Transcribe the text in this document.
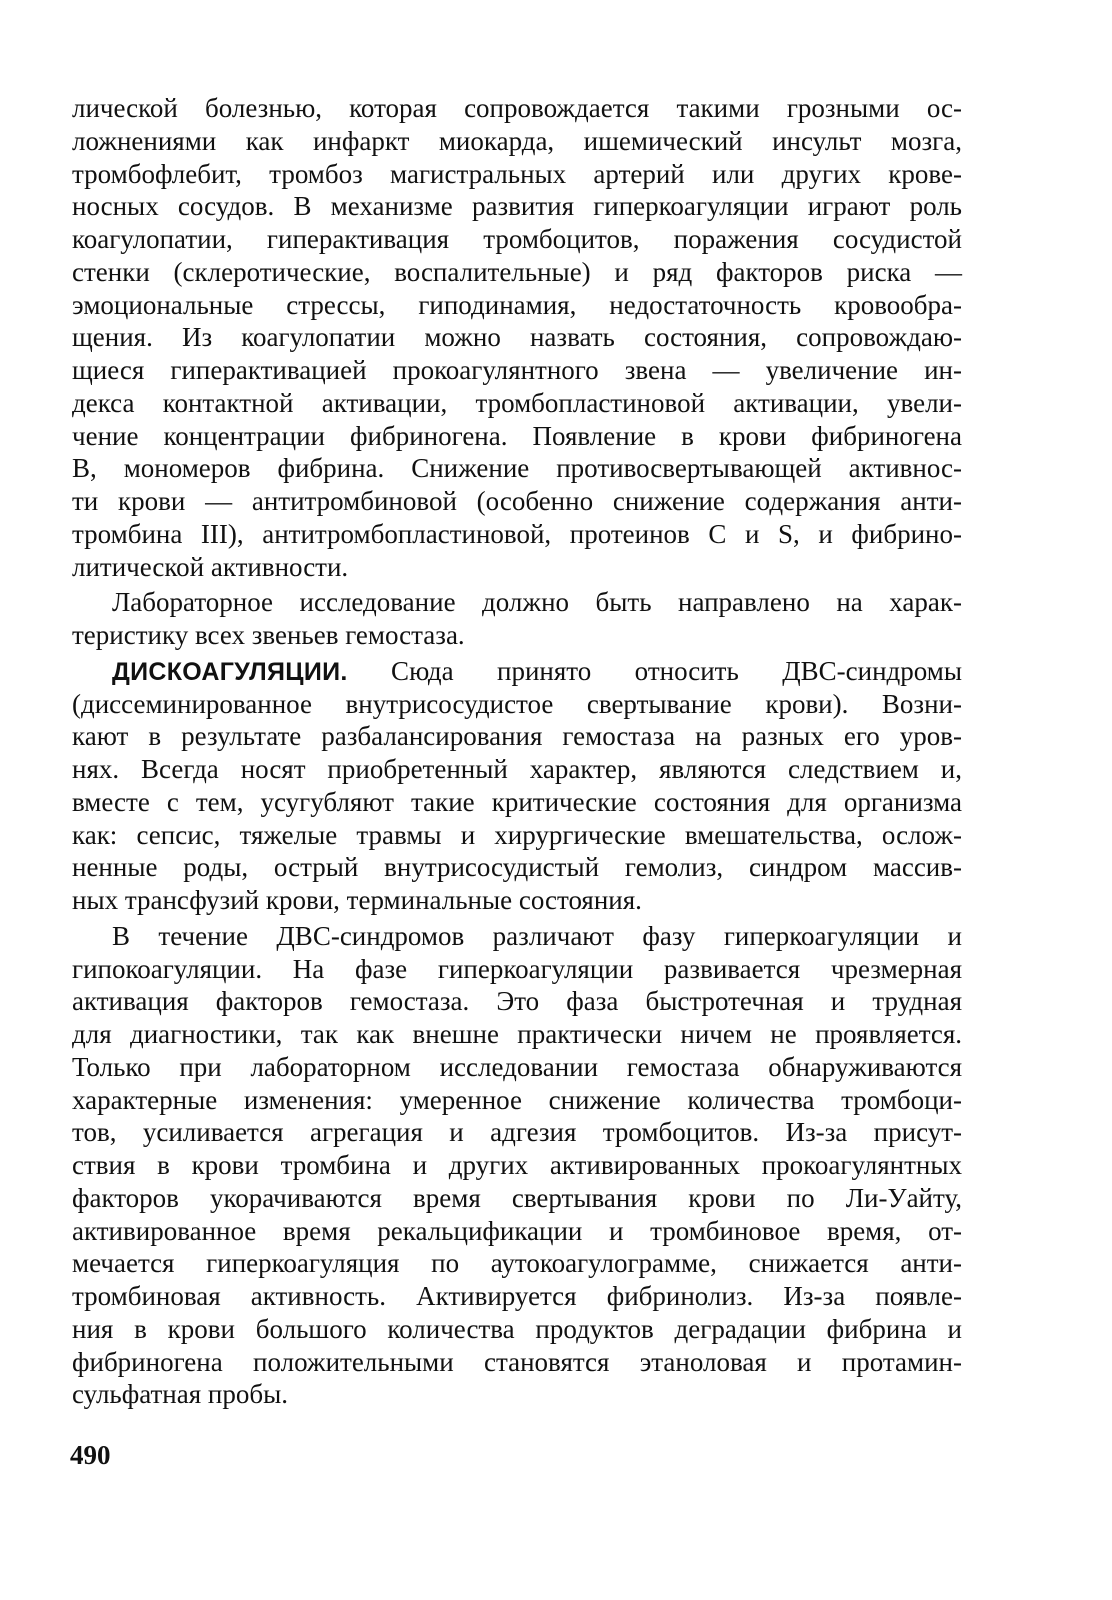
лической болезнью, которая сопровождается такими грозными ос-
ложнениями как инфаркт миокарда, ишемический инсульт мозга,
тромбофлебит, тромбоз магистральных артерий или других крове-
носных сосудов. В механизме развития гиперкоагуляции играют роль
коагулопатии, гиперактивация тромбоцитов, поражения сосудистой
стенки (склеротические, воспалительные) и ряд факторов риска —
эмоциональные стрессы, гиподинамия, недостаточность кровообра-
щения. Из коагулопатии можно назвать состояния, сопровождаю-
щиеся гиперактивацией прокоагулянтного звена — увеличение ин-
декса контактной активации, тромбопластиновой активации, увели-
чение концентрации фибриногена. Появление в крови фибриногена
В, мономеров фибрина. Снижение противосвертывающей активнос-
ти крови — антитромбиновой (особенно снижение содержания анти-
тромбина III), антитромбопластиновой, протеинов С и S, и фибрино-
литической активности.
Лабораторное исследование должно быть направлено на харак-
теристику всех звеньев гемостаза.
ДИСКОАГУЛЯЦИИ. Сюда принято относить ДВС-синдромы
(диссеминированное внутрисосудистое свертывание крови). Возни-
кают в результате разбалансирования гемостаза на разных его уров-
нях. Всегда носят приобретенный характер, являются следствием и,
вместе с тем, усугубляют такие критические состояния для организма
как: сепсис, тяжелые травмы и хирургические вмешательства, ослож-
ненные роды, острый внутрисосудистый гемолиз, синдром массив-
ных трансфузий крови, терминальные состояния.
В течение ДВС-синдромов различают фазу гиперкоагуляции и
гипокоагуляции. На фазе гиперкоагуляции развивается чрезмерная
активация факторов гемостаза. Это фаза быстротечная и трудная
для диагностики, так как внешне практически ничем не проявляется.
Только при лабораторном исследовании гемостаза обнаруживаются
характерные изменения: умеренное снижение количества тромбоци-
тов, усиливается агрегация и адгезия тромбоцитов. Из-за присут-
ствия в крови тромбина и других активированных прокоагулянтных
факторов укорачиваются время свертывания крови по Ли-Уайту,
активированное время рекальцификации и тромбиновое время, от-
мечается гиперкоагуляция по аутокоагулограмме, снижается анти-
тромбиновая активность. Активируется фибринолиз. Из-за появле-
ния в крови большого количества продуктов деградации фибрина и
фибриногена положительными становятся этаноловая и протамин-
сульфатная пробы.
490
